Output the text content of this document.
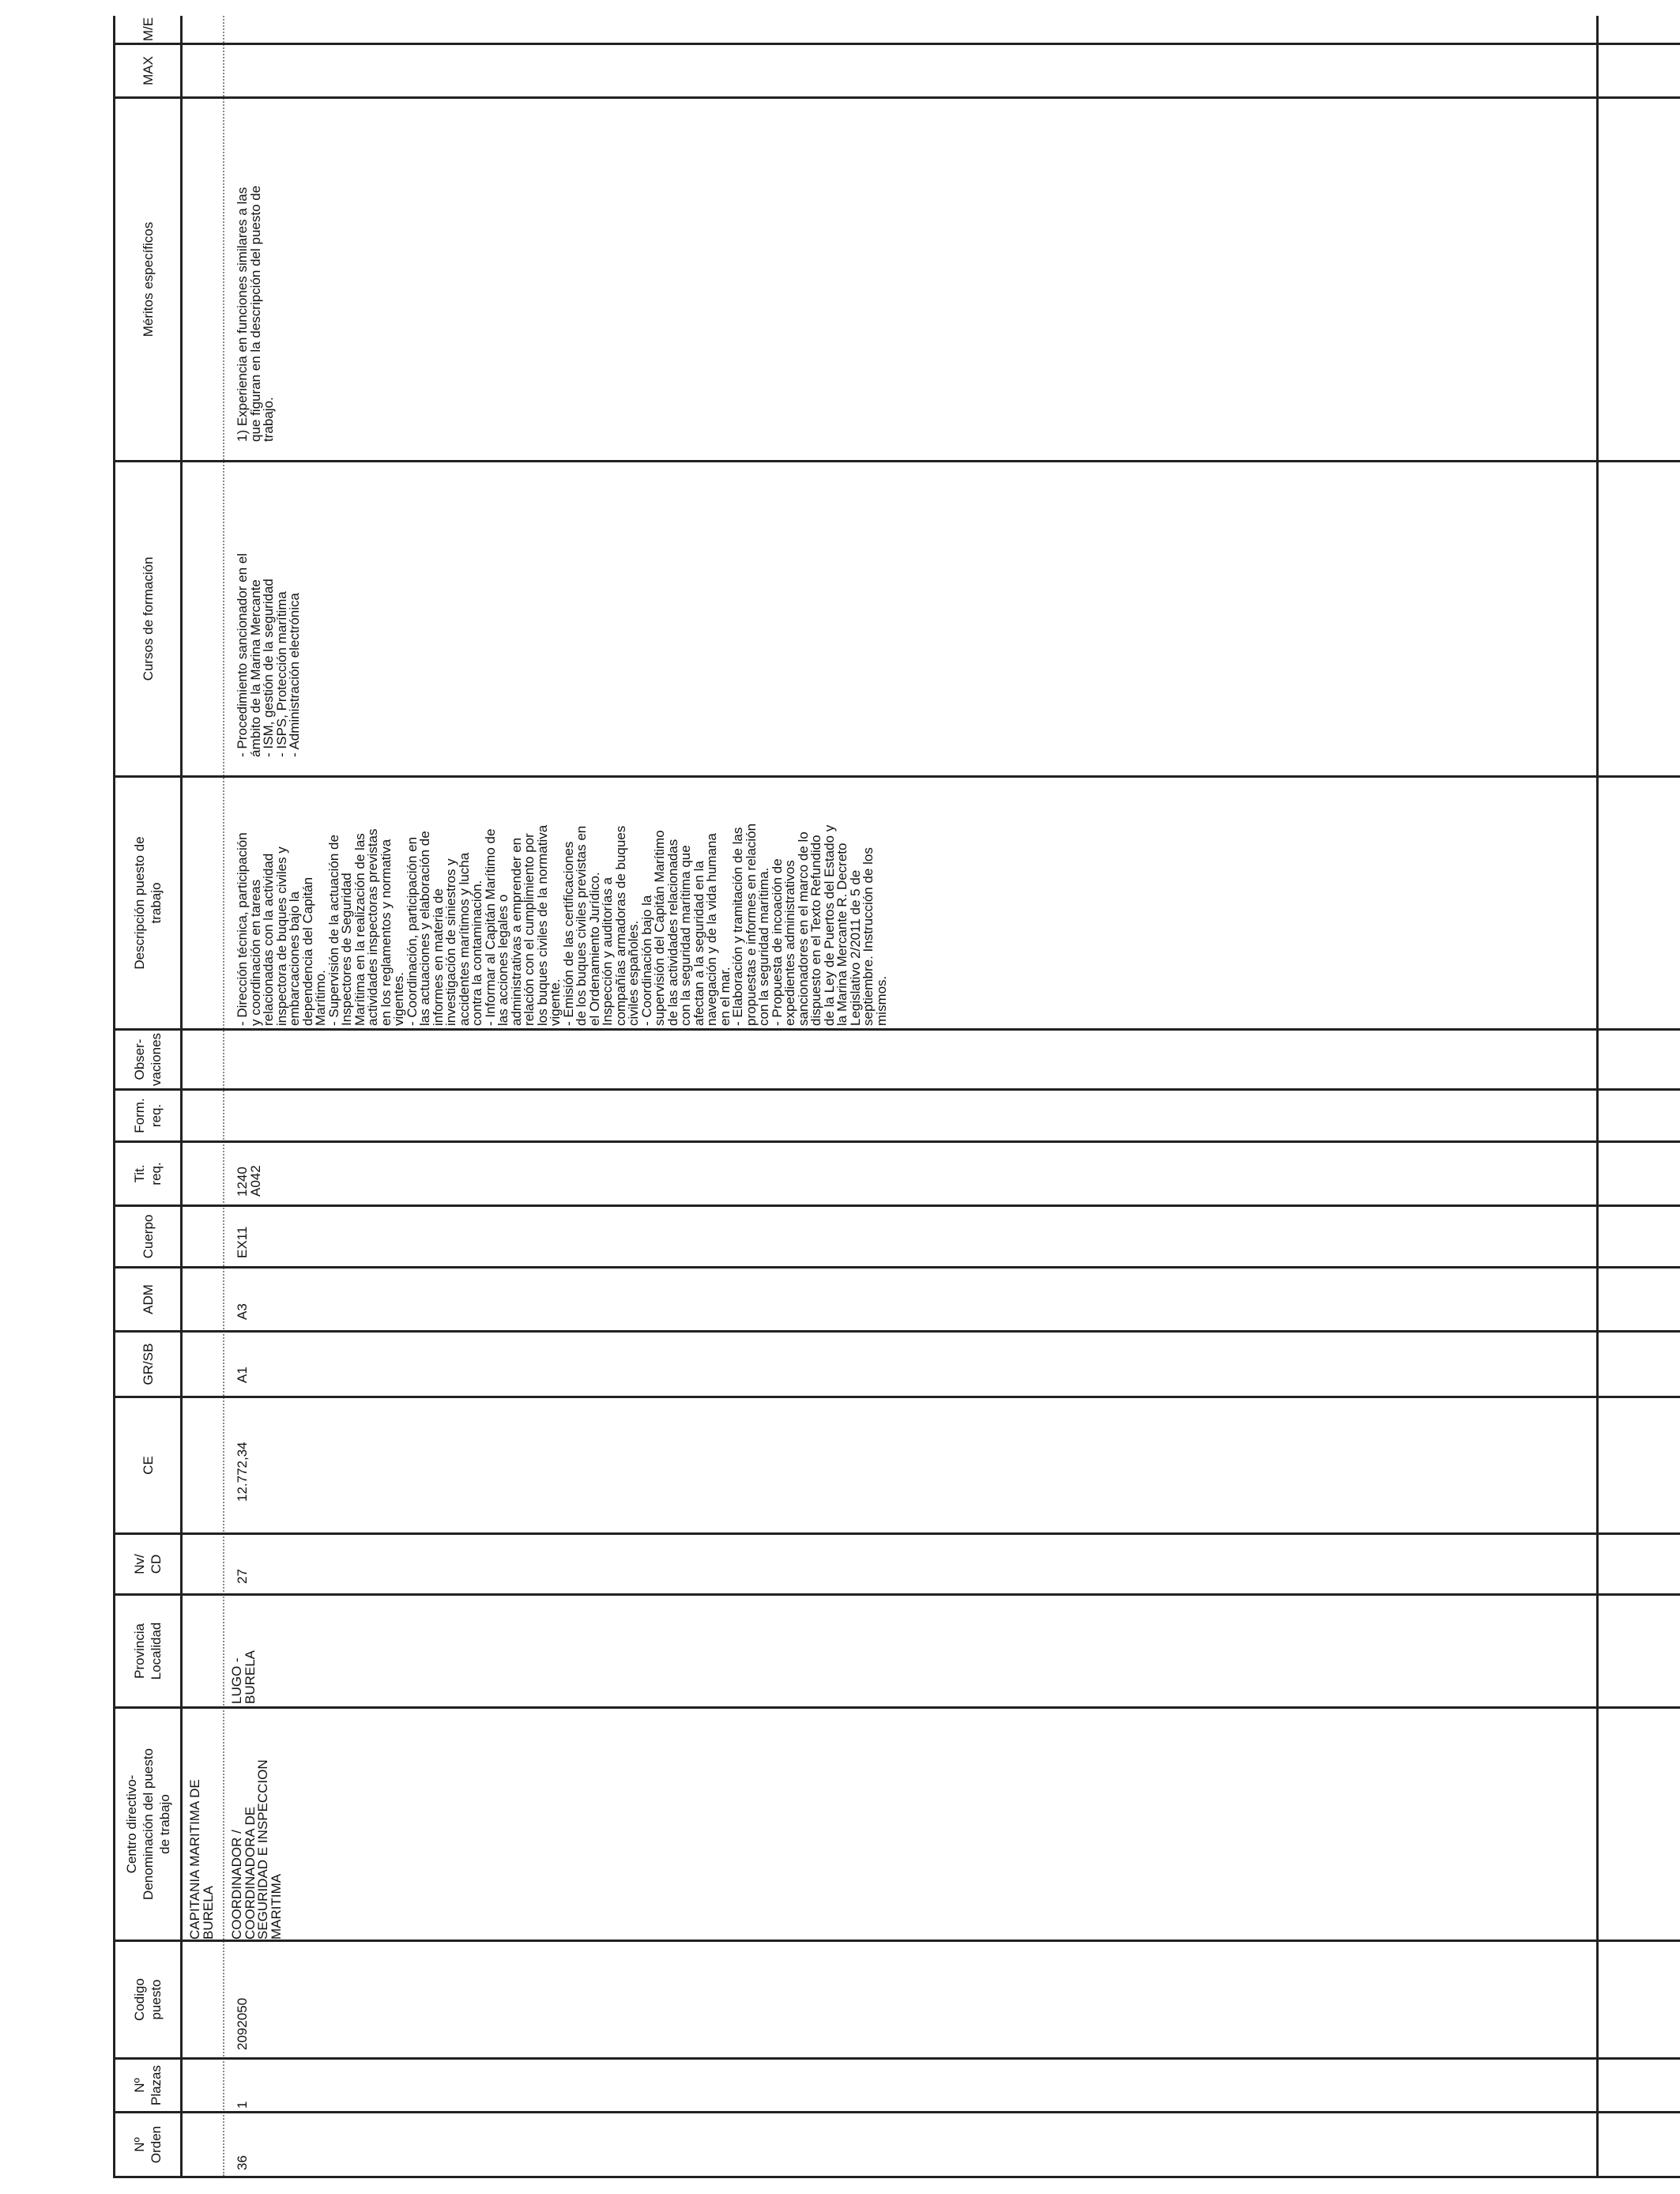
Nº
Orden
Nº
Plazas
Codigo
puesto
Centro directivo-
Denominación del puesto
de trabajo
Provincia
Localidad
Nv/
CD
CE
GR/SB
ADM
Cuerpo
Tit.
req.
Form.
req.
Obser-
vaciones
Descripción puesto de
trabajo
Cursos de formación
Méritos específicos
MAX
M/E
CAPITANIA MARITIMA DE
BURELA
36
1
2092050
COORDINADOR /
COORDINADORA DE
SEGURIDAD E INSPECCION
MARITIMA
LUGO -
BURELA
27
12.772,34
A1
A3
EX11
1240
A042
- Dirección técnica, participación
y coordinación en tareas
relacionadas con la actividad
inspectora de buques civiles y
embarcaciones bajo la
dependencia del Capitán
Marítimo.
- Supervisión de la actuación de
Inspectores de Seguridad
Marítima en la realización de las
actividades inspectoras previstas
en los reglamentos y normativa
vigentes.
- Coordinación, participación en
las actuaciones y elaboración de
informes en materia de
investigación de siniestros y
accidentes marítimos y lucha
contra la contaminación.
- Informar al Capitán Marítimo de
las acciones legales o
administrativas a emprender en
relación con el cumplimiento por
los buques civiles de la normativa
vigente.
- Emisión de las certificaciones
de los buques civiles previstas en
el Ordenamiento Jurídico.
Inspección y auditorías a
compañías armadoras de buques
civiles españoles.
- Coordinación bajo la
supervisión del Capitán Marítimo
de las actividades relacionadas
con la seguridad marítima que
afectan a la seguridad en la
navegación y de la vida humana
en el mar.
- Elaboración y tramitación de las
propuestas e informes en relación
con la seguridad marítima.
- Propuesta de incoación de
expedientes administrativos
sancionadores en el marco de lo
dispuesto en el Texto Refundido
de la Ley de Puertos del Estado y
la Marina Mercante R. Decreto
Legislativo 2/2011 de 5 de
septiembre. Instrucción de los
mismos.
- Procedimiento sancionador en el
ámbito de la Marina Mercante
- ISM, gestión de la seguridad
- ISPS, Protección marítima
- Administración electrónica
1) Experiencia en funciones similares a las
que figuran en la descripción del puesto de
trabajo.
